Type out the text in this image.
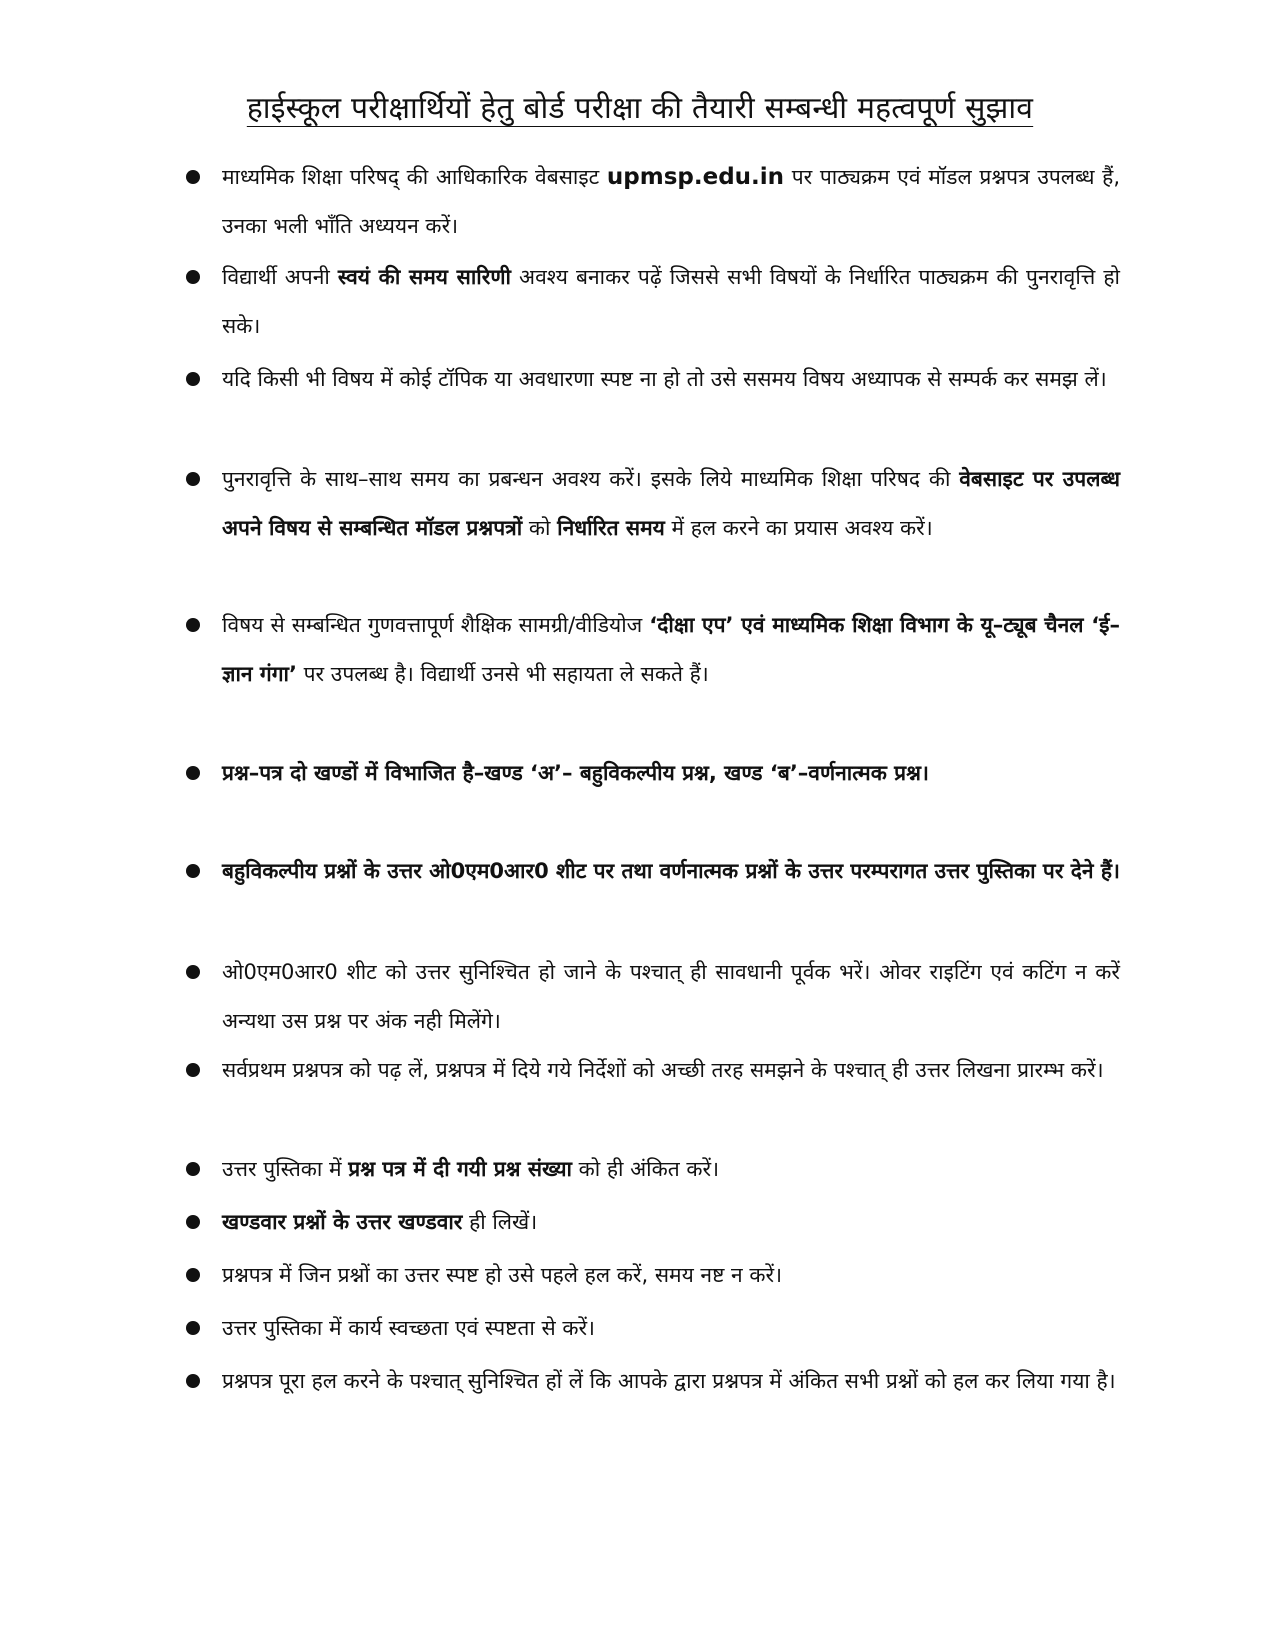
हाईस्कूल परीक्षार्थियों हेतु बोर्ड परीक्षा की तैयारी सम्बन्धी महत्वपूर्ण सुझाव
माध्यमिक शिक्षा परिषद् की आधिकारिक वेबसाइट upmsp.edu.in पर पाठ्यक्रम एवं मॉडल प्रश्नपत्र उपलब्ध हैं, उनका भली भाँति अध्ययन करें।
विद्यार्थी अपनी स्वयं की समय सारिणी अवश्य बनाकर पढ़ें जिससे सभी विषयों के निर्धारित पाठ्यक्रम की पुनरावृत्ति हो सके।
यदि किसी भी विषय में कोई टॉपिक या अवधारणा स्पष्ट ना हो तो उसे ससमय विषय अध्यापक से सम्पर्क कर समझ लें।
पुनरावृत्ति के साथ–साथ समय का प्रबन्धन अवश्य करें। इसके लिये माध्यमिक शिक्षा परिषद की वेबसाइट पर उपलब्ध अपने विषय से सम्बन्धित मॉडल प्रश्नपत्रों को निर्धारित समय में हल करने का प्रयास अवश्य करें।
विषय से सम्बन्धित गुणवत्तापूर्ण शैक्षिक सामग्री/वीडियोज ‘दीक्षा एप’ एवं माध्यमिक शिक्षा विभाग के यू–ट्यूब चैनल ‘ई–ज्ञान गंगा’ पर उपलब्ध है। विद्यार्थी उनसे भी सहायता ले सकते हैं।
प्रश्न–पत्र दो खण्डों में विभाजित है–खण्ड ‘अ’– बहुविकल्पीय प्रश्न, खण्ड ‘ब’–वर्णनात्मक प्रश्न।
बहुविकल्पीय प्रश्नों के उत्तर ओ0एम0आर0 शीट पर तथा वर्णनात्मक प्रश्नों के उत्तर परम्परागत उत्तर पुस्तिका पर देने हैं।
ओ0एम0आर0 शीट को उत्तर सुनिश्चित हो जाने के पश्चात् ही सावधानी पूर्वक भरें। ओवर राइटिंग एवं कटिंग न करें अन्यथा उस प्रश्न पर अंक नही मिलेंगे।
सर्वप्रथम प्रश्नपत्र को पढ़ लें, प्रश्नपत्र में दिये गये निर्देशों को अच्छी तरह समझने के पश्चात् ही उत्तर लिखना प्रारम्भ करें।
उत्तर पुस्तिका में प्रश्न पत्र में दी गयी प्रश्न संख्या को ही अंकित करें।
खण्डवार प्रश्नों के उत्तर खण्डवार ही लिखें।
प्रश्नपत्र में जिन प्रश्नों का उत्तर स्पष्ट हो उसे पहले हल करें, समय नष्ट न करें।
उत्तर पुस्तिका में कार्य स्वच्छता एवं स्पष्टता से करें।
प्रश्नपत्र पूरा हल करने के पश्चात् सुनिश्चित हों लें कि आपके द्वारा प्रश्नपत्र में अंकित सभी प्रश्नों को हल कर लिया गया है।
